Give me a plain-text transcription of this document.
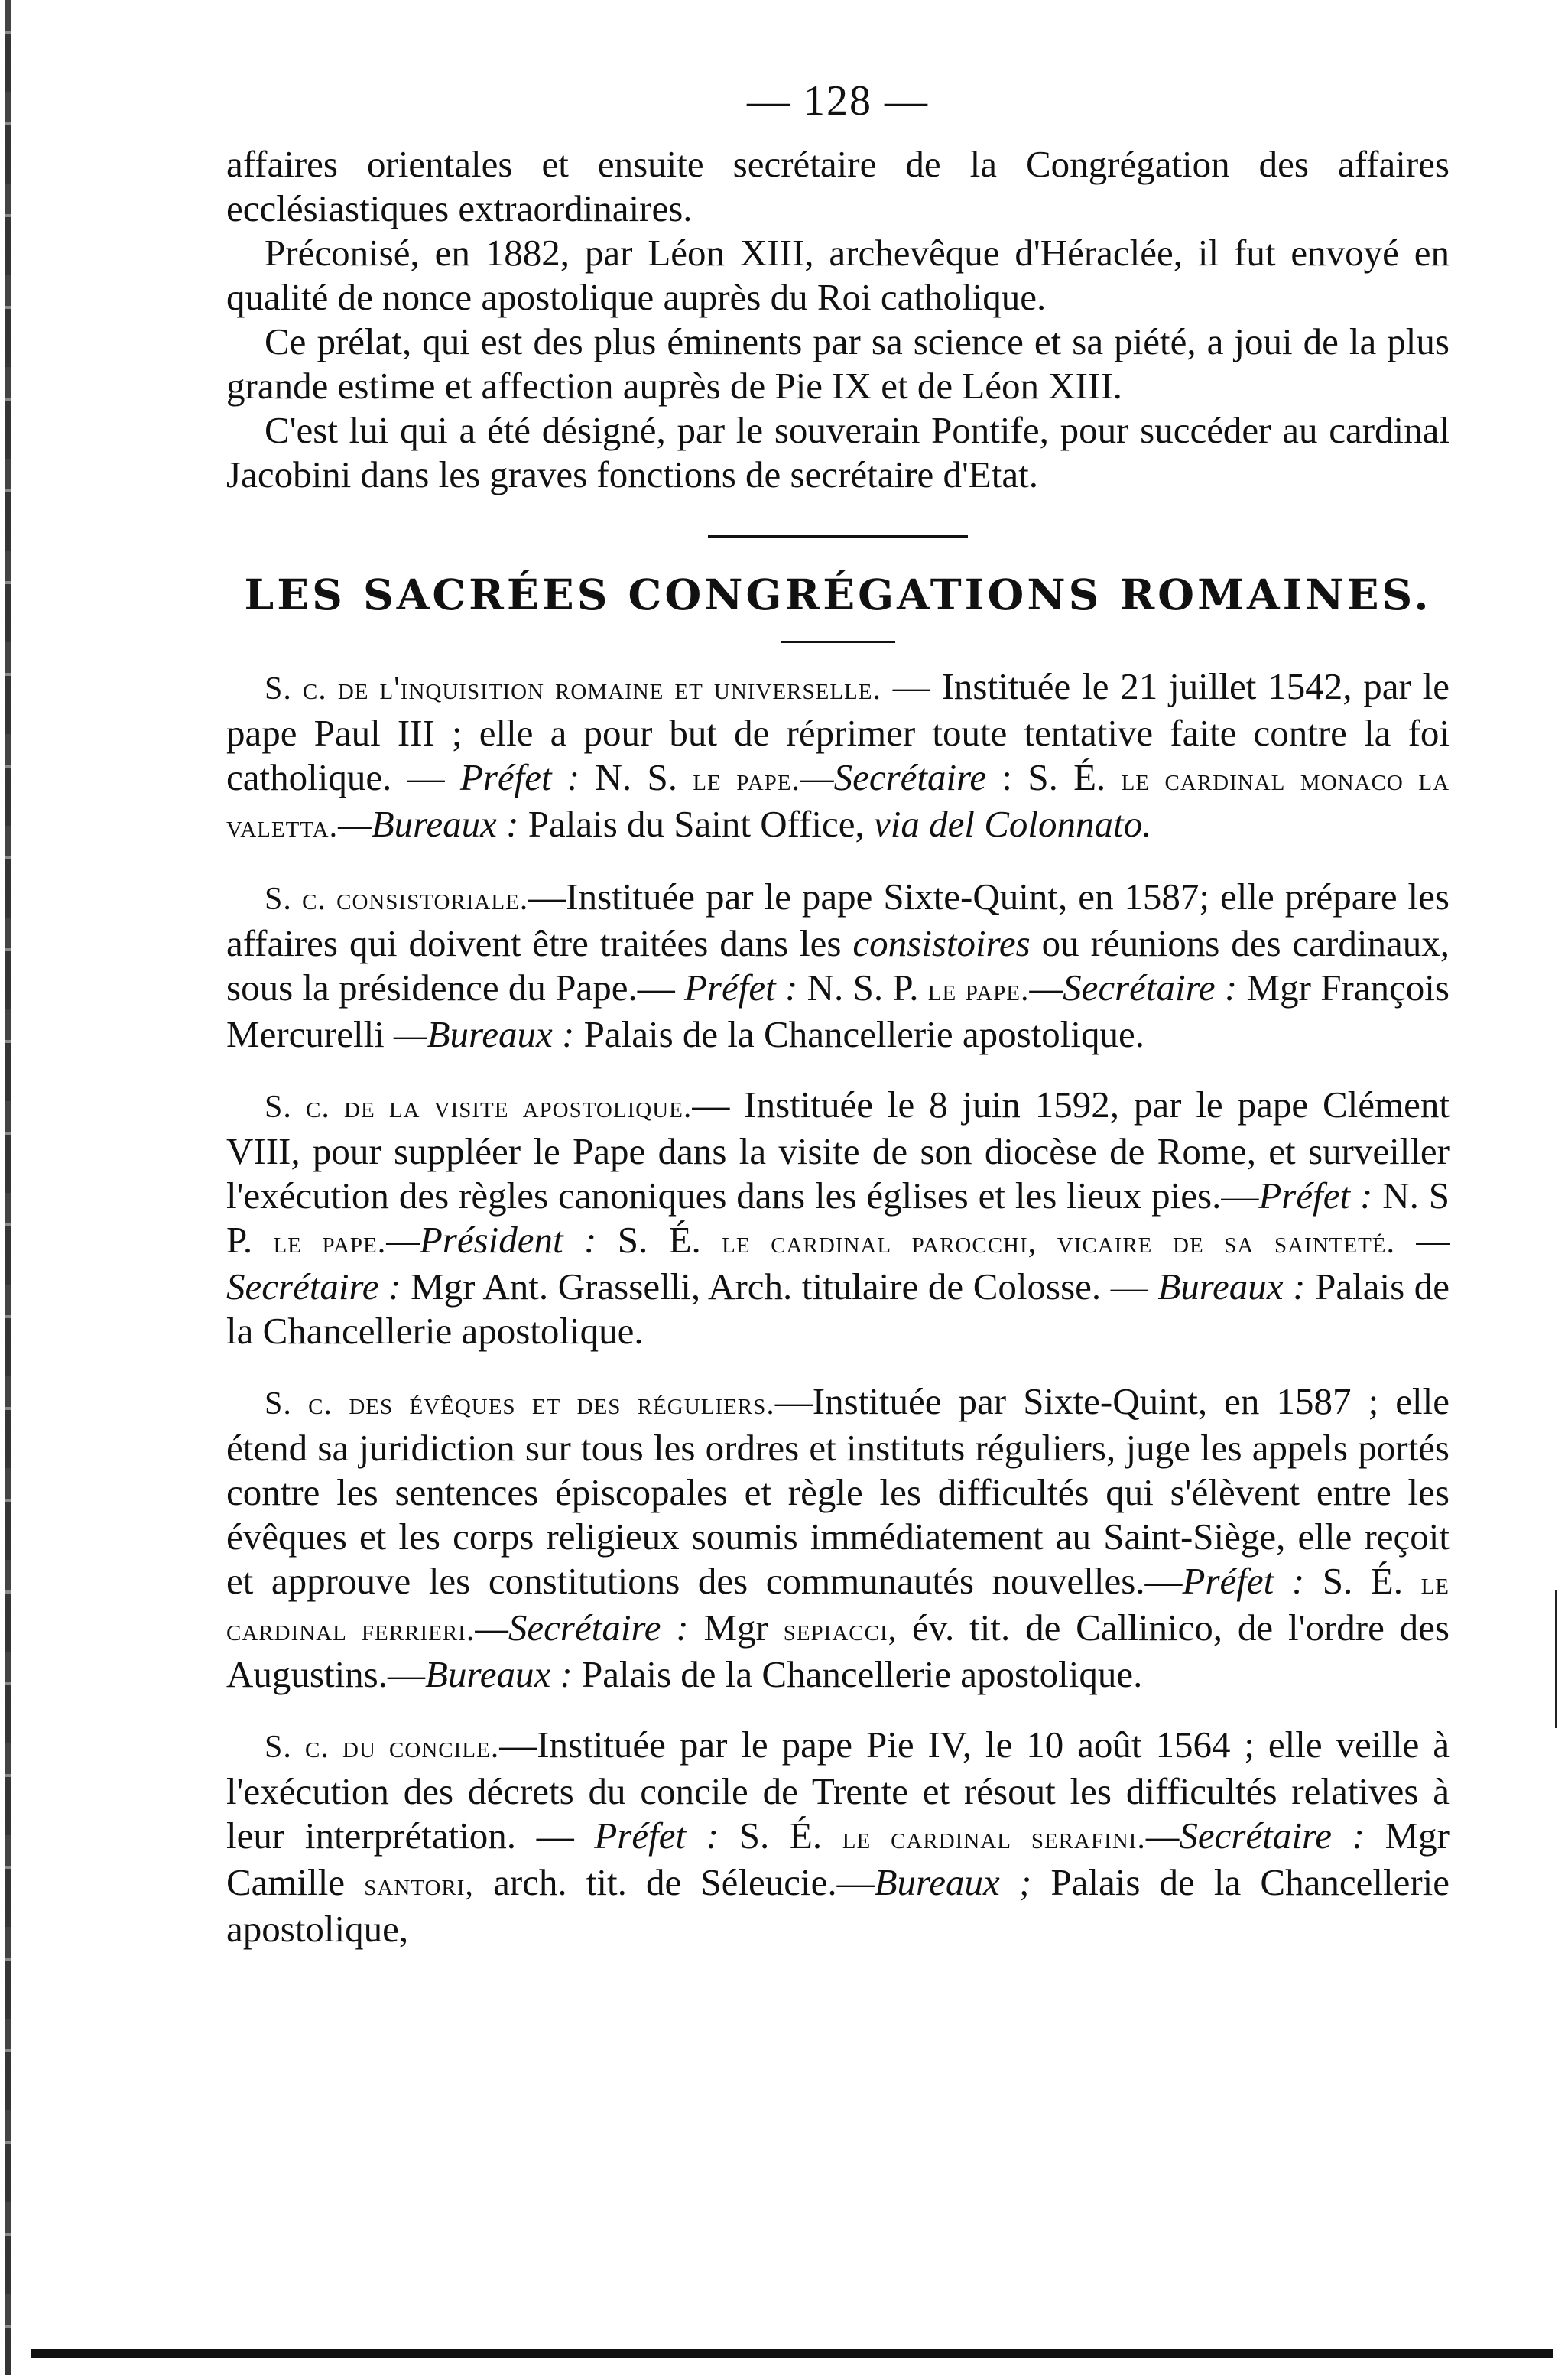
— 128 —

affaires orientales et ensuite secrétaire de la Congrégation des affaires ecclésiastiques extraordinaires.

Préconisé, en 1882, par Léon XIII, archevêque d'Héraclée, il fut envoyé en qualité de nonce apostolique auprès du Roi catholique.

Ce prélat, qui est des plus éminents par sa science et sa piété, a joui de la plus grande estime et affection auprès de Pie IX et de Léon XIII.

C'est lui qui a été désigné, par le souverain Pontife, pour succéder au cardinal Jacobini dans les graves fonctions de secrétaire d'Etat.

LES SACRÉES CONGRÉGATIONS ROMAINES.

S. c. de l'inquisition romaine et universelle. — Instituée le 21 juillet 1542, par le pape Paul III ; elle a pour but de réprimer toute tentative faite contre la foi catholique. — Préfet : N. S. le pape.—Secrétaire : S. É. le cardinal monaco la valetta.—Bureaux : Palais du Saint Office, via del Colonnato.

S. c. consistoriale.—Instituée par le pape Sixte-Quint, en 1587; elle prépare les affaires qui doivent être traitées dans les consistoires ou réunions des cardinaux, sous la présidence du Pape.— Préfet : N. S. P. le pape.—Secrétaire : Mgr François Mercurelli —Bureaux : Palais de la Chancellerie apostolique.

S. c. de la visite apostolique.— Instituée le 8 juin 1592, par le pape Clément VIII, pour suppléer le Pape dans la visite de son diocèse de Rome, et surveiller l'exécution des règles canoniques dans les églises et les lieux pies.—Préfet : N. S P. le pape.—Président : S. É. le cardinal parocchi, vicaire de sa sainteté. — Secrétaire : Mgr Ant. Grasselli, Arch. titulaire de Colosse. — Bureaux : Palais de la Chancellerie apostolique.

S. c. des évêques et des réguliers.—Instituée par Sixte-Quint, en 1587 ; elle étend sa juridiction sur tous les ordres et instituts réguliers, juge les appels portés contre les sentences épiscopales et règle les difficultés qui s'élèvent entre les évêques et les corps religieux soumis immédiatement au Saint-Siège, elle reçoit et approuve les constitutions des communautés nouvelles.—Préfet : S. É. le cardinal ferrieri.—Secrétaire : Mgr sepiacci, év. tit. de Callinico, de l'ordre des Augustins.—Bureaux : Palais de la Chancellerie apostolique.

S. c. du concile.—Instituée par le pape Pie IV, le 10 août 1564 ; elle veille à l'exécution des décrets du concile de Trente et résout les difficultés relatives à leur interprétation. — Préfet : S. É. le cardinal serafini.—Secrétaire : Mgr Camille santori, arch. tit. de Séleucie.—Bureaux ; Palais de la Chancellerie apostolique,
